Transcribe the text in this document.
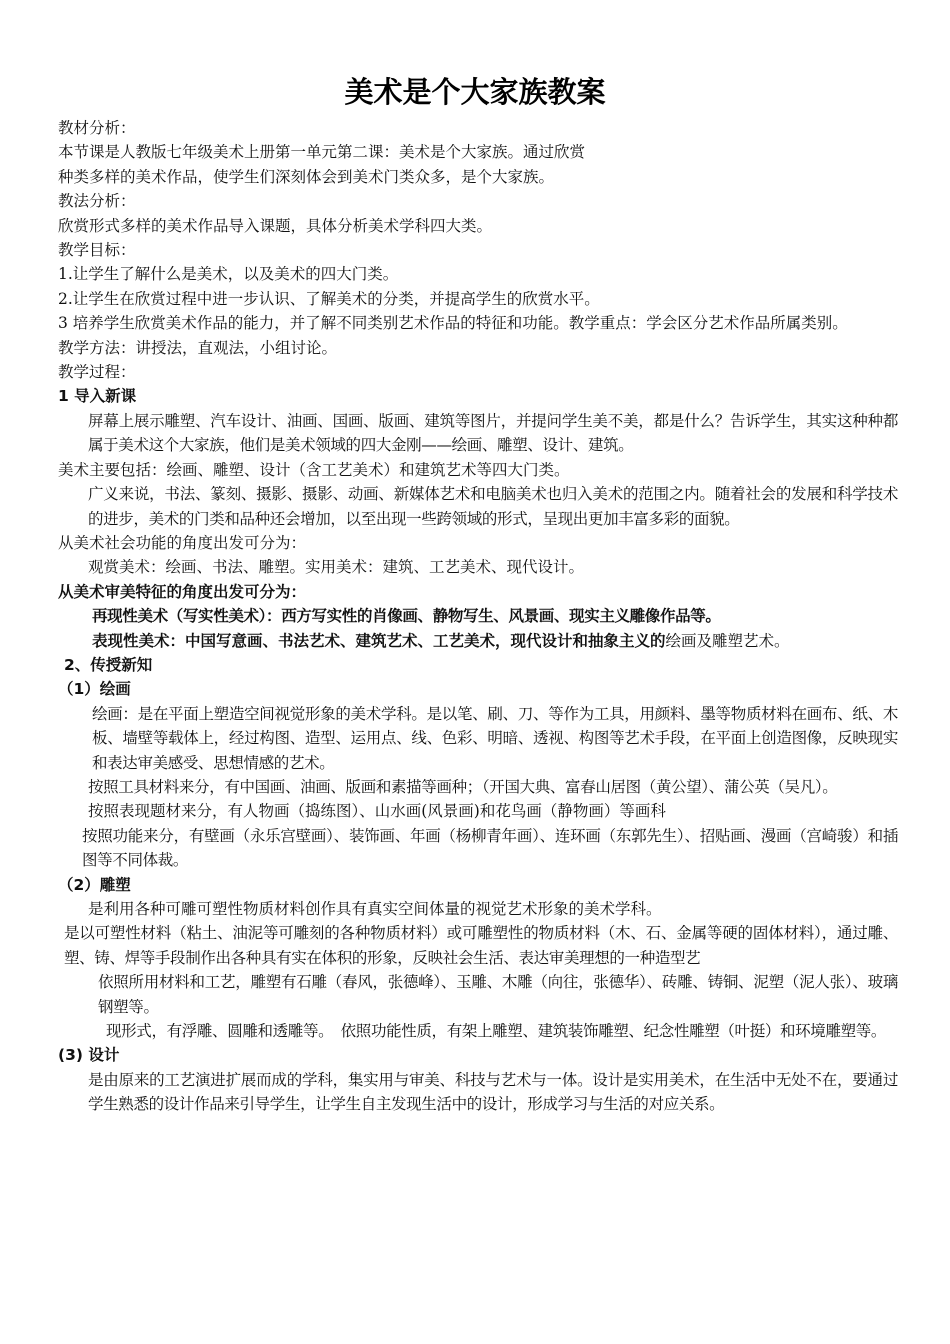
美术是个大家族教案
教材分析：
本节课是人教版七年级美术上册第一单元第二课：美术是个大家族。通过欣赏
种类多样的美术作品，使学生们深刻体会到美术门类众多，是个大家族。
教法分析：
欣赏形式多样的美术作品导入课题，具体分析美术学科四大类。
教学目标：
1.让学生了解什么是美术，以及美术的四大门类。
2.让学生在欣赏过程中进一步认识、了解美术的分类，并提高学生的欣赏水平。
3 培养学生欣赏美术作品的能力，并了解不同类别艺术作品的特征和功能。教学重点：学会区分艺术作品所属类别。
教学方法：讲授法，直观法，小组讨论。
教学过程：
1 导入新课
屏幕上展示雕塑、汽车设计、油画、国画、版画、建筑等图片，并提问学生美不美，都是什么？告诉学生，其实这种种都属于美术这个大家族，他们是美术领域的四大金刚——绘画、雕塑、设计、建筑。
美术主要包括：绘画、雕塑、设计（含工艺美术）和建筑艺术等四大门类。
广义来说，书法、篆刻、摄影、摄影、动画、新媒体艺术和电脑美术也归入美术的范围之内。随着社会的发展和科学技术的进步，美术的门类和品种还会增加，以至出现一些跨领域的形式，呈现出更加丰富多彩的面貌。
从美术社会功能的角度出发可分为：
观赏美术：绘画、书法、雕塑。实用美术：建筑、工艺美术、现代设计。
从美术审美特征的角度出发可分为：
再现性美术（写实性美术）：西方写实性的肖像画、静物写生、风景画、现实主义雕像作品等。
表现性美术：中国写意画、书法艺术、建筑艺术、工艺美术，现代设计和抽象主义的绘画及雕塑艺术。
2、传授新知
（1）绘画
绘画：是在平面上塑造空间视觉形象的美术学科。是以笔、刷、刀、等作为工具，用颜料、墨等物质材料在画布、纸、木板、墙壁等载体上，经过构图、造型、运用点、线、色彩、明暗、透视、构图等艺术手段，在平面上创造图像，反映现实和表达审美感受、思想情感的艺术。
按照工具材料来分，有中国画、油画、版画和素描等画种；（开国大典、富春山居图（黄公望）、蒲公英（吴凡）。
按照表现题材来分，有人物画（捣练图）、山水画(风景画)和花鸟画（静物画）等画科
按照功能来分，有壁画（永乐宫壁画）、装饰画、年画（杨柳青年画）、连环画（东郭先生）、招贴画、漫画（宫崎骏）和插图等不同体裁。
（2）雕塑
是利用各种可雕可塑性物质材料创作具有真实空间体量的视觉艺术形象的美术学科。
是以可塑性材料（粘土、油泥等可雕刻的各种物质材料）或可雕塑性的物质材料（木、石、金属等硬的固体材料），通过雕、塑、铸、焊等手段制作出各种具有实在体积的形象，反映社会生活、表达审美理想的一种造型艺
依照所用材料和工艺，雕塑有石雕（春风，张德峰）、玉雕、木雕（向往，张德华）、砖雕、铸铜、泥塑（泥人张）、玻璃钢塑等。
现形式，有浮雕、圆雕和透雕等。　依照功能性质，有架上雕塑、建筑装饰雕塑、纪念性雕塑（叶挺）和环境雕塑等。
(3) 设计
是由原来的工艺演进扩展而成的学科，集实用与审美、科技与艺术与一体。设计是实用美术，在生活中无处不在，要通过学生熟悉的设计作品来引导学生，让学生自主发现生活中的设计，形成学习与生活的对应关系。
